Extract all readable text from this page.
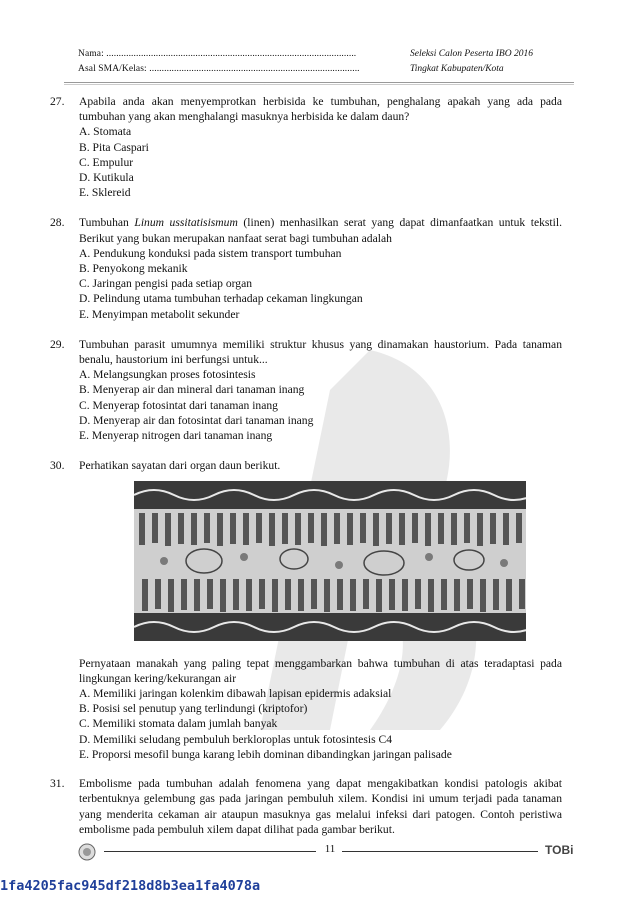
Nama: .....................................................................................................	Seleksi Calon Peserta IBO 2016
Asal SMA/Kelas: .....................................................................................	Tingkat Kabupaten/Kota
27.	Apabila anda akan menyemprotkan herbisida ke tumbuhan, penghalang apakah yang ada pada tumbuhan yang akan menghalangi masuknya herbisida ke dalam daun?
A. Stomata
B. Pita Caspari
C. Empulur
D. Kutikula
E. Sklereid
28.	Tumbuhan Linum ussitatisismum (linen) menhasilkan serat yang dapat dimanfaatkan untuk tekstil. Berikut yang bukan merupakan nanfaat serat bagi tumbuhan adalah
A. Pendukung konduksi pada sistem transport tumbuhan
B. Penyokong mekanik
C. Jaringan pengisi pada setiap organ
D. Pelindung utama tumbuhan terhadap cekaman lingkungan
E. Menyimpan metabolit sekunder
29.	Tumbuhan parasit umumnya memiliki struktur khusus yang dinamakan haustorium. Pada tanaman benalu, haustorium ini berfungsi untuk...
A. Melangsungkan proses fotosintesis
B. Menyerap air dan mineral dari tanaman inang
C. Menyerap fotosintat dari tanaman inang
D. Menyerap air dan fotosintat dari tanaman inang
E. Menyerap nitrogen dari tanaman inang
30.	Perhatikan sayatan dari organ daun berikut.
Pernyataan manakah yang paling tepat menggambarkan bahwa tumbuhan di atas teradaptasi pada lingkungan kering/kekurangan air
A. Memiliki jaringan kolenkim dibawah lapisan epidermis adaksial
B. Posisi sel penutup yang terlindungi (kriptofor)
C. Memiliki stomata dalam jumlah banyak
D. Memiliki seludang pembuluh berkloroplas untuk fotosintesis C4
E. Proporsi mesofil bunga karang lebih dominan dibandingkan jaringan palisade
31.	Embolisme pada tumbuhan adalah fenomena yang dapat mengakibatkan kondisi patologis akibat terbentuknya gelembung gas pada jaringan pembuluh xilem. Kondisi ini umum terjadi pada tanaman yang menderita cekaman air ataupun masuknya gas melalui infeksi dari patogen. Contoh peristiwa embolisme pada pembuluh xilem dapat dilihat pada gambar berikut.
11	TOBi
1fa4205fac945df218d8b3ea1fa4078a
